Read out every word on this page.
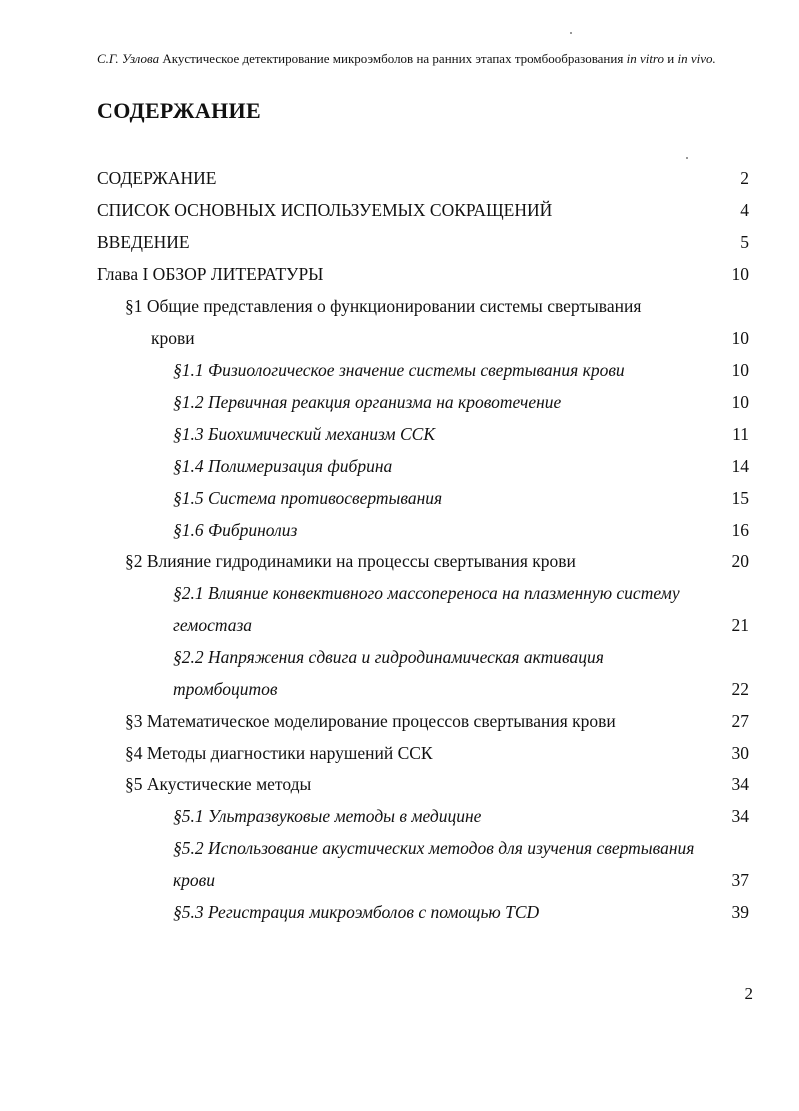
С.Г. Узлова Акустическое детектирование микроэмболов на ранних этапах тромбообразования in vitro и in vivo.
СОДЕРЖАНИЕ
СОДЕРЖАНИЕ	2
СПИСОК ОСНОВНЫХ ИСПОЛЬЗУЕМЫХ СОКРАЩЕНИЙ	4
ВВЕДЕНИЕ	5
Глава I ОБЗОР ЛИТЕРАТУРЫ	10
§1 Общие представления о функционировании системы свертывания
крови	10
§1.1 Физиологическое значение системы свертывания крови	10
§1.2 Первичная реакция организма на кровотечение	10
§1.3 Биохимический механизм ССК	11
§1.4 Полимеризация фибрина	14
§1.5 Система противосвертывания	15
§1.6 Фибринолиз	16
§2 Влияние гидродинамики на процессы свертывания крови	20
§2.1 Влияние конвективного массопереноса на плазменную систему
гемостаза	21
§2.2 Напряжения сдвига и гидродинамическая активация
тромбоцитов	22
§3 Математическое моделирование процессов свертывания крови	27
§4 Методы диагностики нарушений ССК	30
§5 Акустические методы	34
§5.1 Ультразвуковые методы в медицине	34
§5.2 Использование акустических методов для изучения свертывания
крови	37
§5.3 Регистрация микроэмболов с помощью TCD	39
2
